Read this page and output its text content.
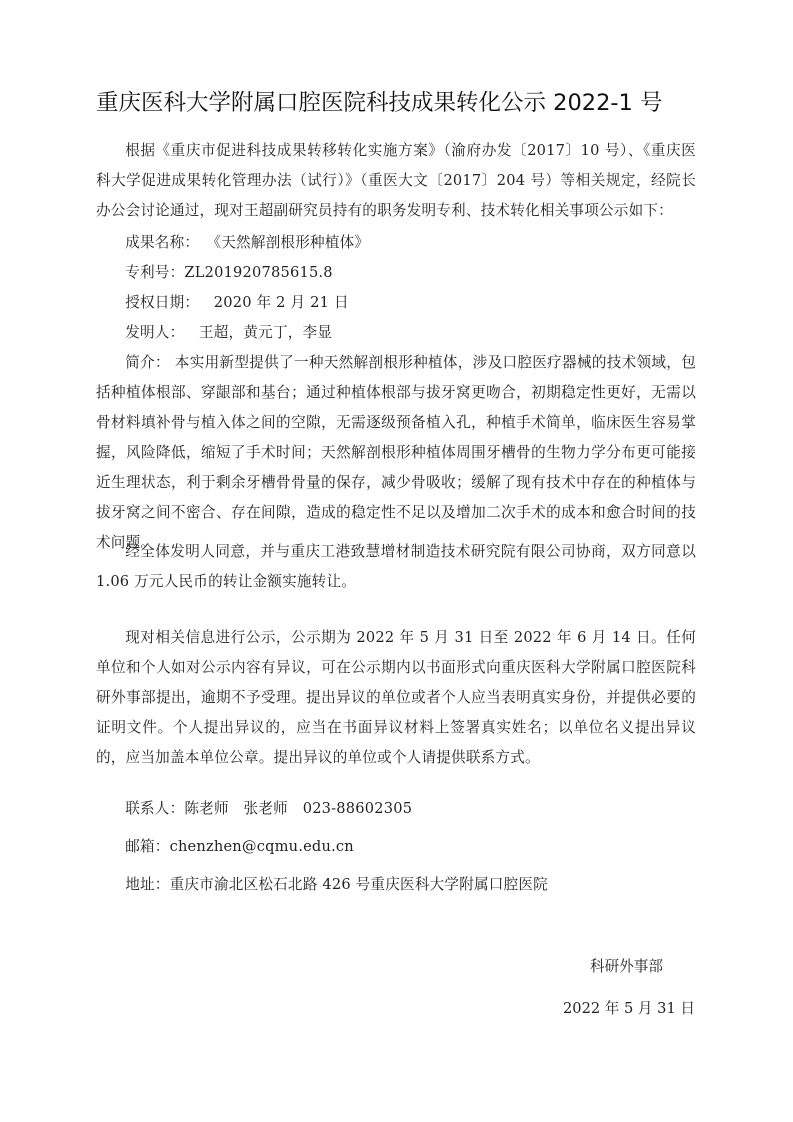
重庆医科大学附属口腔医院科技成果转化公示 2022-1 号

根据《重庆市促进科技成果转移转化实施方案》（渝府办发〔2017〕10 号）、《重庆医科大学促进成果转化管理办法（试行）》（重医大文〔2017〕204 号）等相关规定，经院长办公会讨论通过，现对王超副研究员持有的职务发明专利、技术转化相关事项公示如下：

成果名称： 《天然解剖根形种植体》
专利号：ZL201920785615.8
授权日期： 2020 年 2 月 21 日
发明人： 王超，黄元丁，李显

简介： 本实用新型提供了一种天然解剖根形种植体，涉及口腔医疗器械的技术领域，包括种植体根部、穿龈部和基台；通过种植体根部与拔牙窝更吻合，初期稳定性更好，无需以骨材料填补骨与植入体之间的空隙，无需逐级预备植入孔，种植手术简单，临床医生容易掌握，风险降低，缩短了手术时间；天然解剖根形种植体周围牙槽骨的生物力学分布更可能接近生理状态，利于剩余牙槽骨骨量的保存，减少骨吸收；缓解了现有技术中存在的种植体与拔牙窝之间不密合、存在间隙，造成的稳定性不足以及增加二次手术的成本和愈合时间的技术问题。

经全体发明人同意，并与重庆工港致慧增材制造技术研究院有限公司协商，双方同意以1.06 万元人民币的转让金额实施转让。

现对相关信息进行公示，公示期为 2022 年 5 月 31 日至 2022 年 6 月 14 日。任何单位和个人如对公示内容有异议，可在公示期内以书面形式向重庆医科大学附属口腔医院科研外事部提出，逾期不予受理。提出异议的单位或者个人应当表明真实身份，并提供必要的证明文件。个人提出异议的，应当在书面异议材料上签署真实姓名；以单位名义提出异议的，应当加盖本单位公章。提出异议的单位或个人请提供联系方式。

联系人：陈老师　张老师　023-88602305
邮箱：chenzhen@cqmu.edu.cn
地址：重庆市渝北区松石北路 426 号重庆医科大学附属口腔医院
科研外事部
2022 年 5 月 31 日
